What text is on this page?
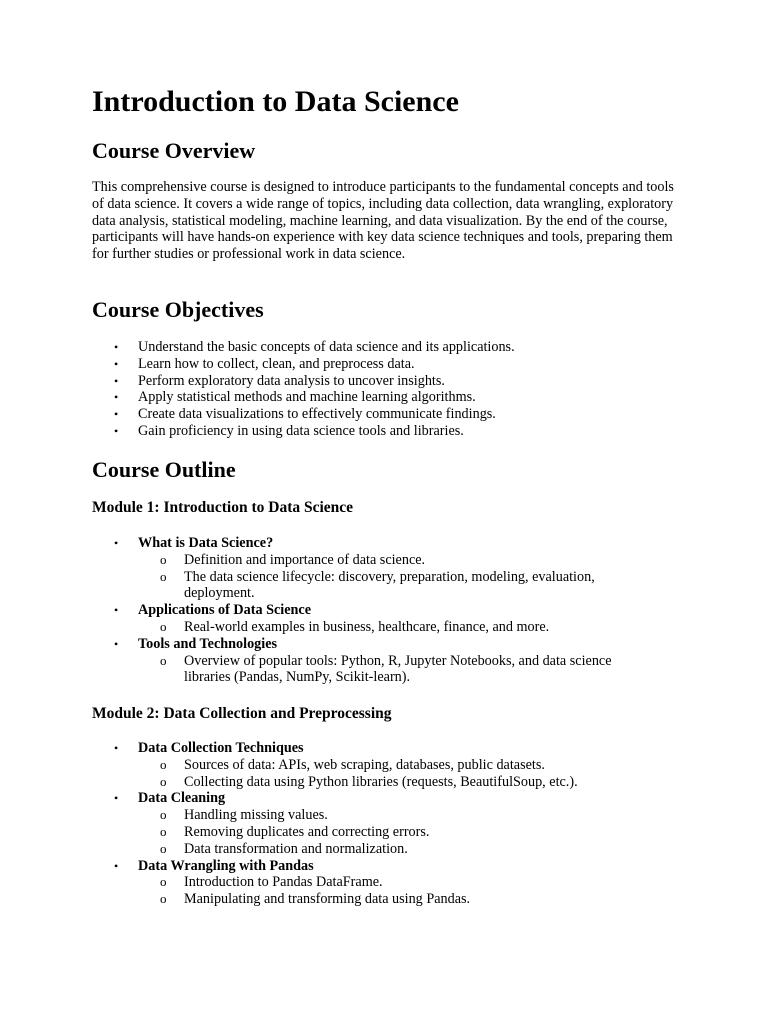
Introduction to Data Science
Course Overview

This comprehensive course is designed to introduce participants to the fundamental concepts and tools of data science. It covers a wide range of topics, including data collection, data wrangling, exploratory data analysis, statistical modeling, machine learning, and data visualization. By the end of the course, participants will have hands-on experience with key data science techniques and tools, preparing them for further studies or professional work in data science.

Course Objectives
• Understand the basic concepts of data science and its applications.
• Learn how to collect, clean, and preprocess data.
• Perform exploratory data analysis to uncover insights.
• Apply statistical methods and machine learning algorithms.
• Create data visualizations to effectively communicate findings.
• Gain proficiency in using data science tools and libraries.
Course Outline
Module 1: Introduction to Data Science
• What is Data Science?
o Definition and importance of data science.
o The data science lifecycle: discovery, preparation, modeling, evaluation, deployment.
• Applications of Data Science
o Real-world examples in business, healthcare, finance, and more.
• Tools and Technologies
o Overview of popular tools: Python, R, Jupyter Notebooks, and data science libraries (Pandas, NumPy, Scikit-learn).
Module 2: Data Collection and Preprocessing
• Data Collection Techniques
o Sources of data: APIs, web scraping, databases, public datasets.
o Collecting data using Python libraries (requests, BeautifulSoup, etc.).
• Data Cleaning
o Handling missing values.
o Removing duplicates and correcting errors.
o Data transformation and normalization.
• Data Wrangling with Pandas
o Introduction to Pandas DataFrame.
o Manipulating and transforming data using Pandas.
